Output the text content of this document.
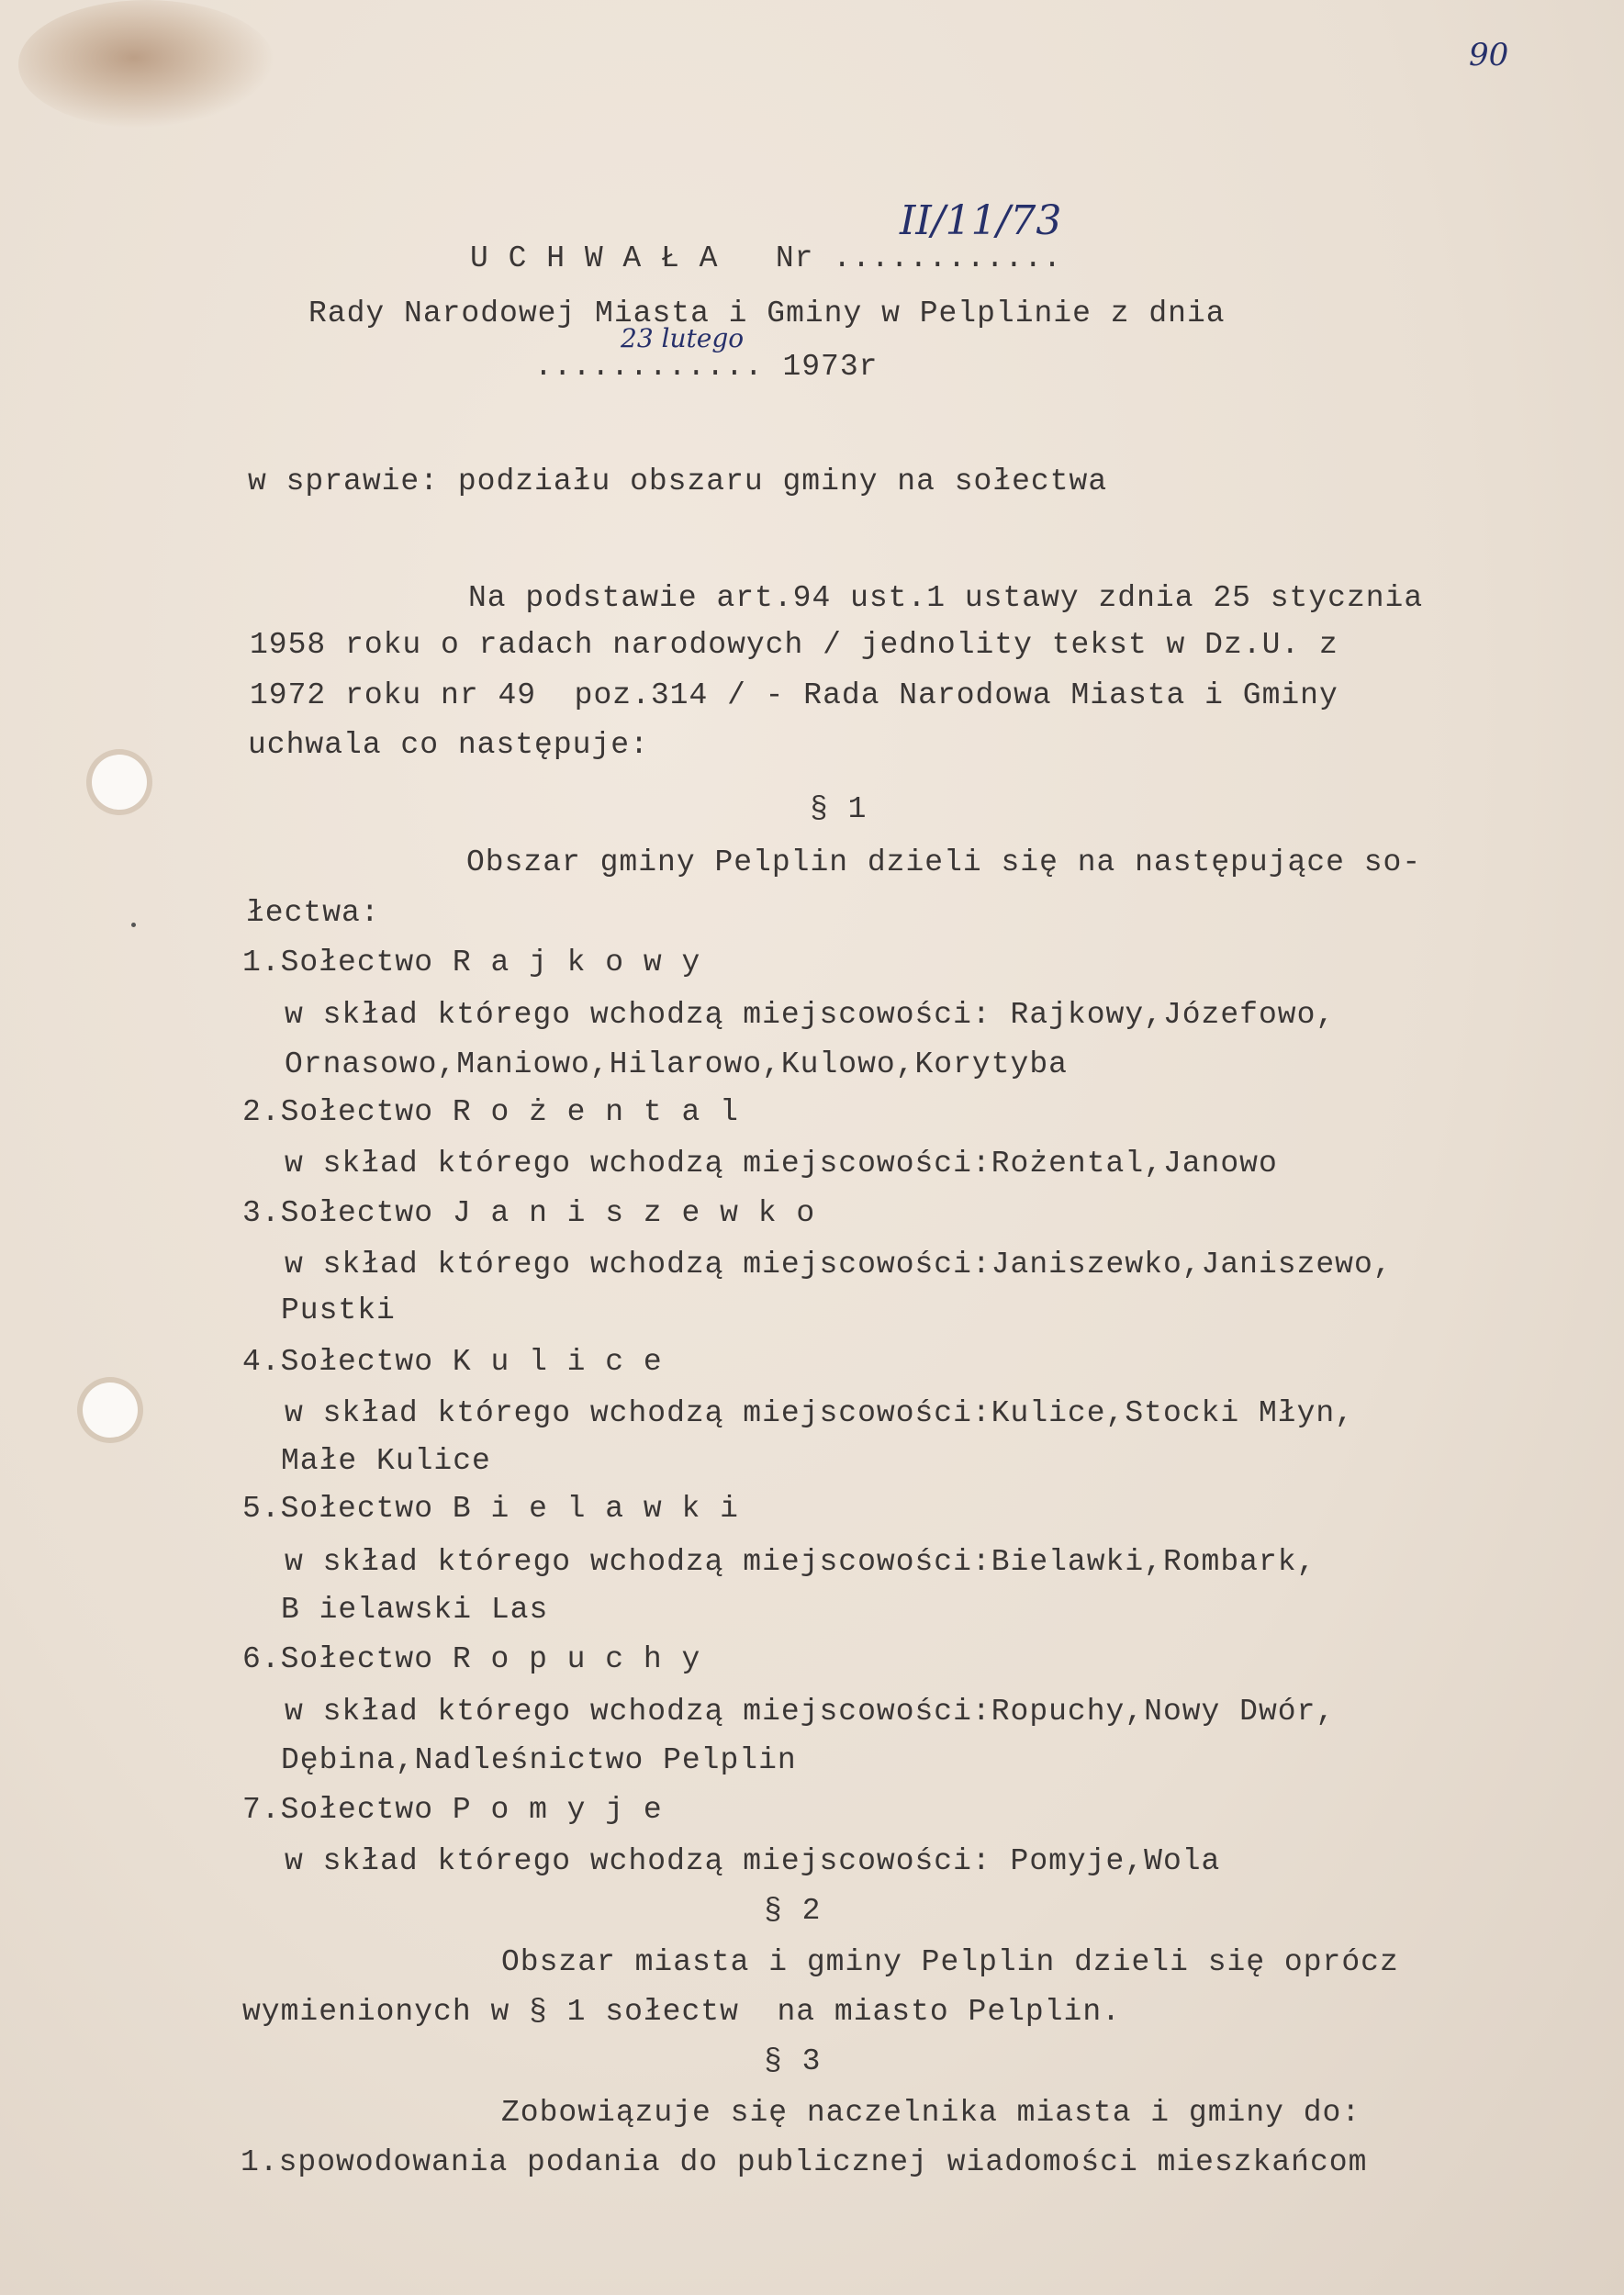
90
U C H W A Ł A Nr ............
II/11/73
Rady Narodowej Miasta i Gminy w Pelplinie z dnia
............ 1973r
23 lutego
w sprawie: podziału obszaru gminy na sołectwa
Na podstawie art.94 ust.1 ustawy zdnia 25 stycznia
1958 roku o radach narodowych / jednolity tekst w Dz.U. z
1972 roku nr 49  poz.314 / - Rada Narodowa Miasta i Gminy
uchwala co następuje:
§ 1
Obszar gminy Pelplin dzieli się na następujące so-
łectwa:
1.Sołectwo R a j k o w y
w skład którego wchodzą miejscowości: Rajkowy,Józefowo,
Ornasowo,Maniowo,Hilarowo,Kulowo,Korytyba
2.Sołectwo R o ż e n t a l
w skład którego wchodzą miejscowości:Rożental,Janowo
3.Sołectwo J a n i s z e w k o
w skład którego wchodzą miejscowości:Janiszewko,Janiszewo,
Pustki
4.Sołectwo K u l i c e
w skład którego wchodzą miejscowości:Kulice,Stocki Młyn,
Małe Kulice
5.Sołectwo B i e l a w k i
w skład którego wchodzą miejscowości:Bielawki,Rombark,
B ielawski Las
6.Sołectwo R o p u c h y
w skład którego wchodzą miejscowości:Ropuchy,Nowy Dwór,
Dębina,Nadleśnictwo Pelplin
7.Sołectwo P o m y j e
w skład którego wchodzą miejscowości: Pomyje,Wola
§ 2
Obszar miasta i gminy Pelplin dzieli się oprócz
wymienionych w § 1 sołectw  na miasto Pelplin.
§ 3
Zobowiązuje się naczelnika miasta i gminy do:
1.spowodowania podania do publicznej wiadomości mieszkańcom
